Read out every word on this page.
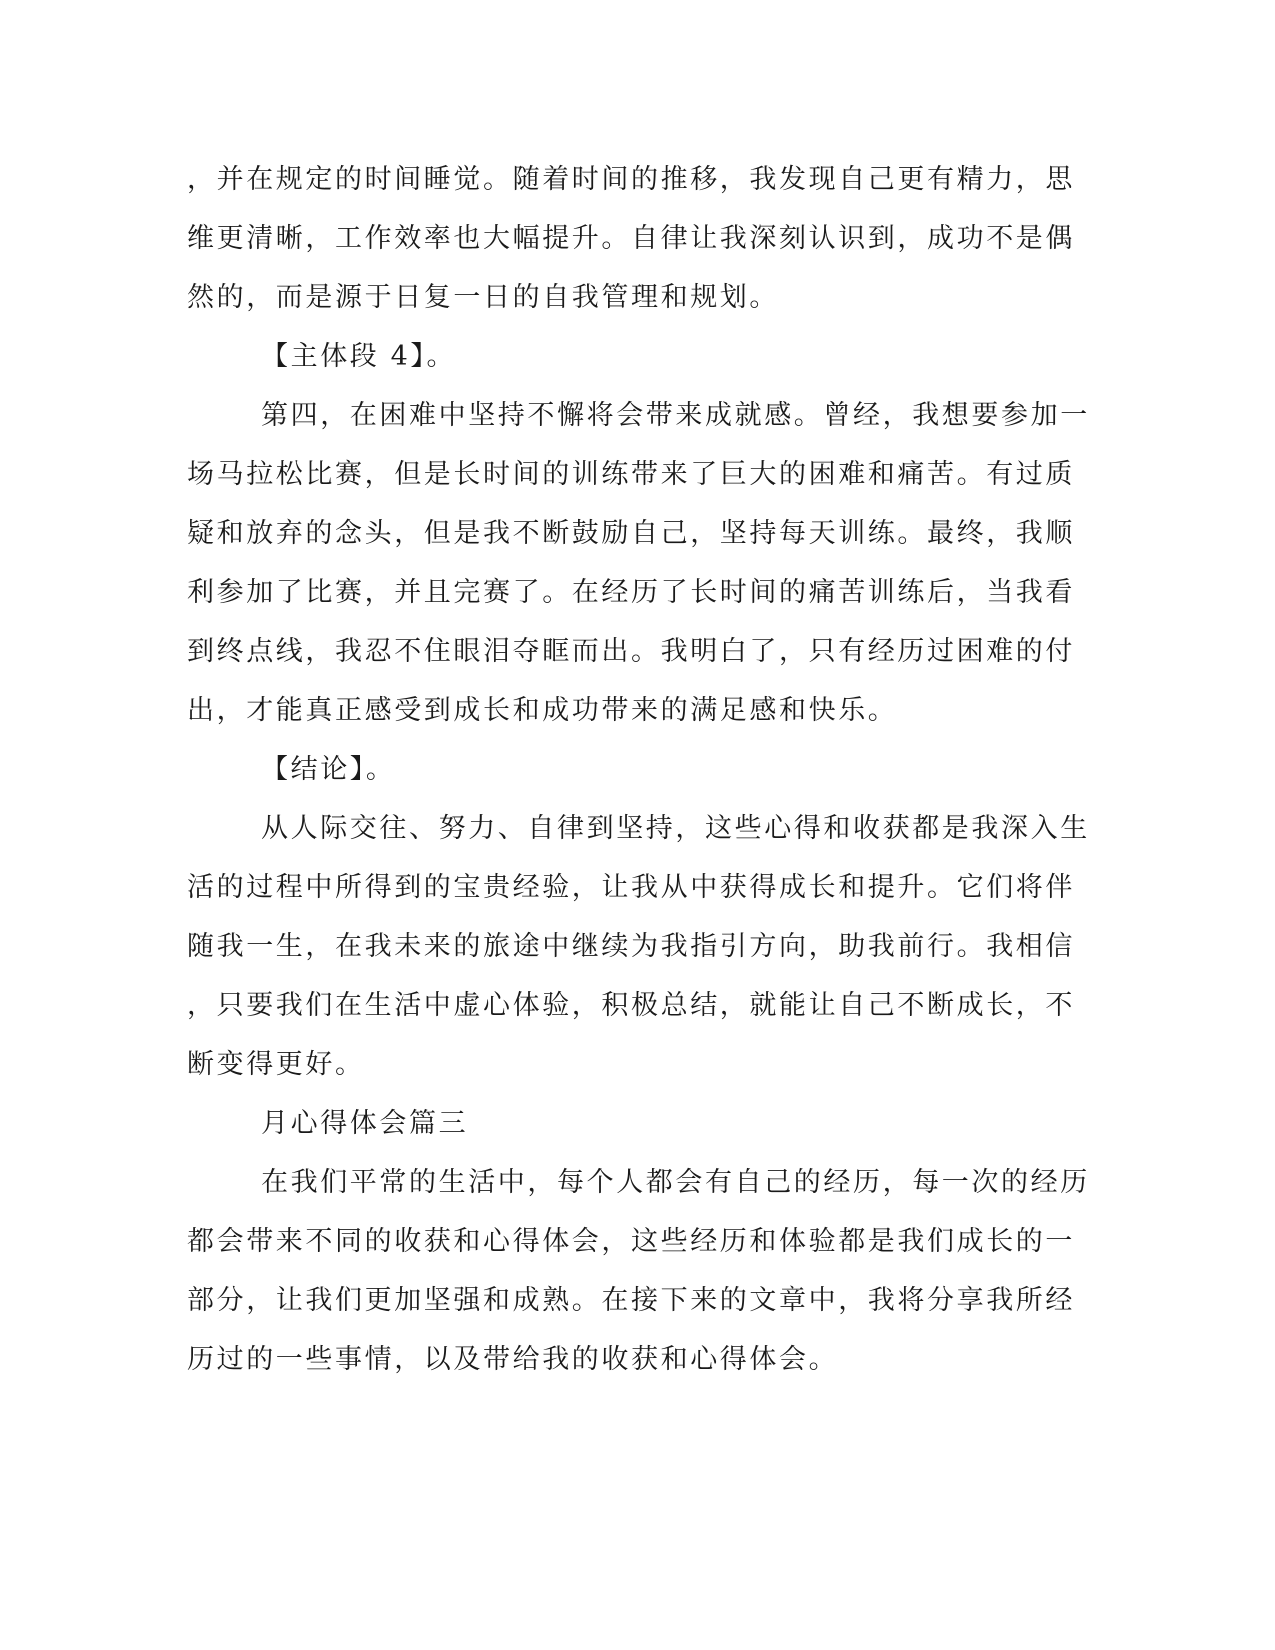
，并在规定的时间睡觉。随着时间的推移，我发现自己更有精力，思

维更清晰，工作效率也大幅提升。自律让我深刻认识到，成功不是偶

然的，而是源于日复一日的自我管理和规划。

【主体段 4】。

第四，在困难中坚持不懈将会带来成就感。曾经，我想要参加一

场马拉松比赛，但是长时间的训练带来了巨大的困难和痛苦。有过质

疑和放弃的念头，但是我不断鼓励自己，坚持每天训练。最终，我顺

利参加了比赛，并且完赛了。在经历了长时间的痛苦训练后，当我看

到终点线，我忍不住眼泪夺眶而出。我明白了，只有经历过困难的付

出，才能真正感受到成长和成功带来的满足感和快乐。

【结论】。

从人际交往、努力、自律到坚持，这些心得和收获都是我深入生

活的过程中所得到的宝贵经验，让我从中获得成长和提升。它们将伴

随我一生，在我未来的旅途中继续为我指引方向，助我前行。我相信

，只要我们在生活中虚心体验，积极总结，就能让自己不断成长，不

断变得更好。

月心得体会篇三

在我们平常的生活中，每个人都会有自己的经历，每一次的经历

都会带来不同的收获和心得体会，这些经历和体验都是我们成长的一

部分，让我们更加坚强和成熟。在接下来的文章中，我将分享我所经

历过的一些事情，以及带给我的收获和心得体会。
